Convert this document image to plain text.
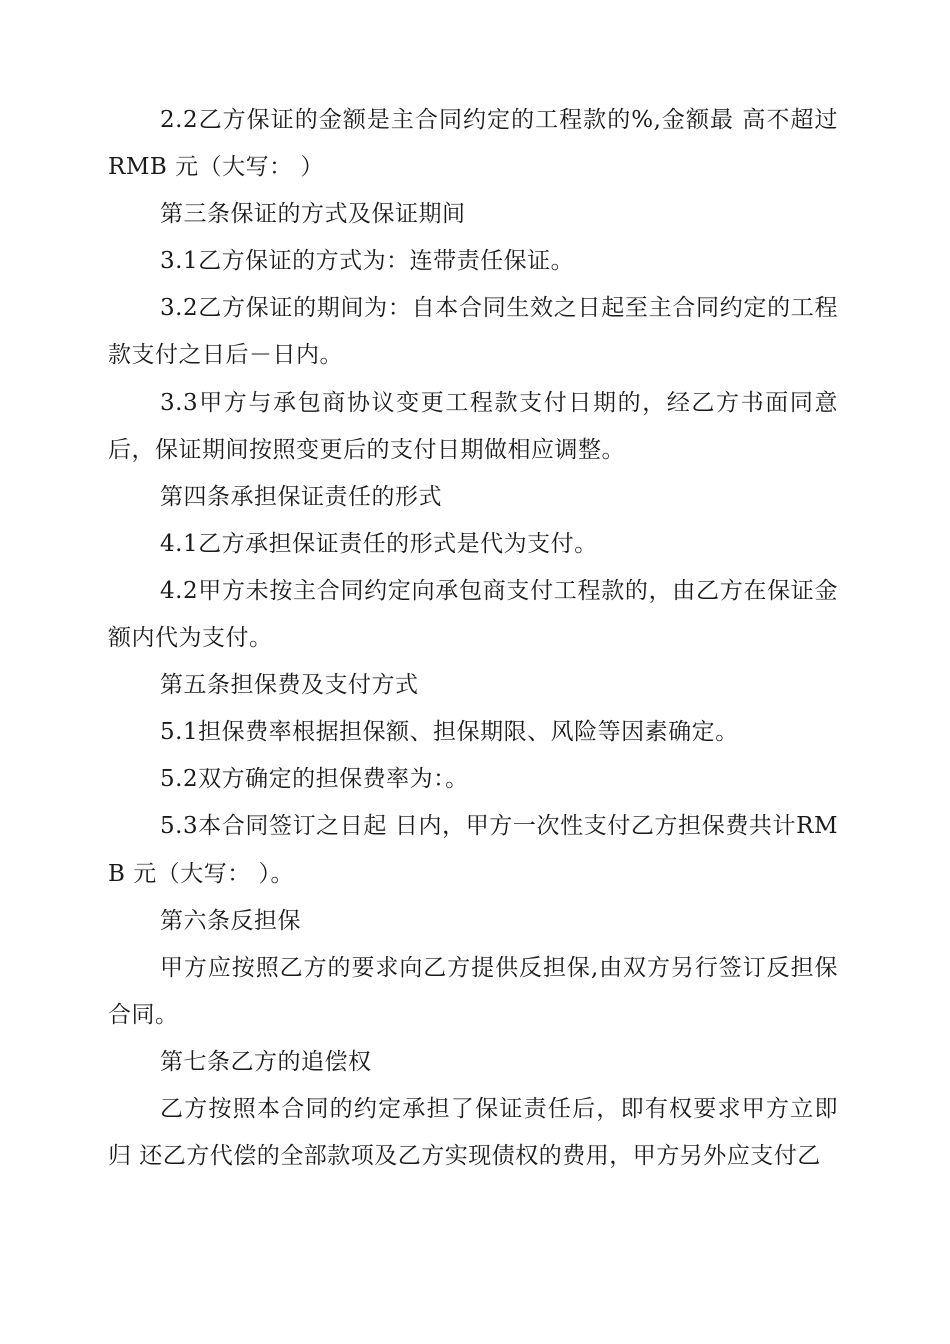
2.2乙方保证的金额是主合同约定的工程款的%,金额最 高不超过RMB 元（大写： ）

第三条保证的方式及保证期间

3.1乙方保证的方式为：连带责任保证。

3.2乙方保证的期间为：自本合同生效之日起至主合同约定的工程款支付之日后－日内。

3.3甲方与承包商协议变更工程款支付日期的，经乙方书面同意后，保证期间按照变更后的支付日期做相应调整。

第四条承担保证责任的形式

4.1乙方承担保证责任的形式是代为支付。

4.2甲方未按主合同约定向承包商支付工程款的，由乙方在保证金 额内代为支付。

第五条担保费及支付方式

5.1担保费率根据担保额、担保期限、风险等因素确定。

5.2双方确定的担保费率为：。

5.3本合同签订之日起 日内，甲方一次性支付乙方担保费共计RMB 元（大写： ）。

第六条反担保

甲方应按照乙方的要求向乙方提供反担保,由双方另行签订反担保合同。

第七条乙方的追偿权

乙方按照本合同的约定承担了保证责任后，即有权要求甲方立即归 还乙方代偿的全部款项及乙方实现债权的费用，甲方另外应支付乙
